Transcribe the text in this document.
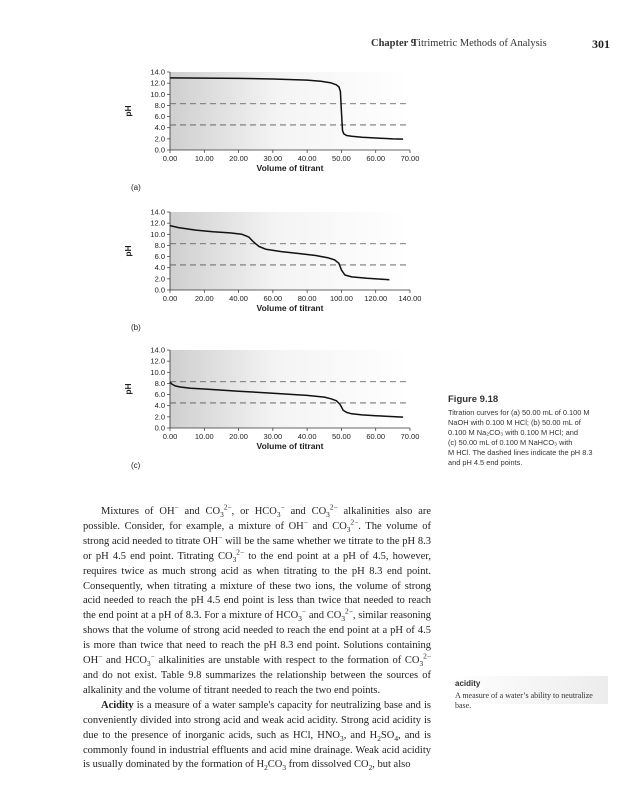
Chapter 9
Titrimetric Methods of Analysis	301
0.0
2.0
4.0
6.0
8.0
10.0
12.0
14.0
0.00 10.00 20.00 30.00 40.00 50.00 60.00 70.00
pH
Volume of titrant
(a)
0.0
2.0
4.0
6.0
8.0
10.0
12.0
14.0
0.00 20.00 40.00 60.00 80.00 100.00 120.00 140.00
pH
Volume of titrant
(b)
0.0
2.0
4.0
6.0
8.0
10.0
12.0
14.0
0.00 10.00 20.00 30.00 40.00 50.00 60.00 70.00
pH
Volume of titrant
(c)
Figure 9.18
Titration curves for (a) 50.00 mL of 0.100 M
NaOH with 0.100 M HCl; (b) 50.00 mL of
0.100 M Na₂CO₃ with 0.100 M HCl; and
(c) 50.00 mL of 0.100 M NaHCO₃ with
M HCl. The dashed lines indicate the pH 8.3
and pH 4.5 end points.

Mixtures of OH− and $CO_3^{2-}$, or $HCO_3^-$ and $CO_3^{2-}$ alkalinities also are possible. Consider, for example, a mixture of OH− and $CO_3^{2-}$. The volume of strong acid needed to titrate OH− will be the same whether we titrate to the pH 8.3 or pH 4.5 end point. Titrating $CO_3^{2-}$ to the end point at a pH of 4.5, however, requires twice as much strong acid as when titrating to the pH 8.3 end point. Consequently, when titrating a mixture of these two ions, the volume of strong acid needed to reach the pH 4.5 end point is less than twice that needed to reach the end point at a pH of 8.3. For a mixture of $HCO_3^-$ and $CO_3^{2-}$, similar reasoning shows that the volume of strong acid needed to reach the end point at a pH of 4.5 is more than twice that need to reach the pH 8.3 end point. Solutions containing OH− and $HCO_3^-$ alkalinities are unstable with respect to the formation of $CO_3^{2-}$ and do not exist. Table 9.8 summarizes the relationship between the sources of alkalinity and the volume of titrant needed to reach the two end points.

Acidity is a measure of a water sample's capacity for neutralizing base and is conveniently divided into strong acid and weak acid acidity. Strong acid acidity is due to the presence of inorganic acids, such as HCl, $HNO_3$, and $H_2SO_4$, and is commonly found in industrial effluents and acid mine drainage. Weak acid acidity is usually dominated by the formation of $H_2CO_3$ from dissolved $CO_2$, but also

acidity
A measure of a water’s ability to neutralize base.
